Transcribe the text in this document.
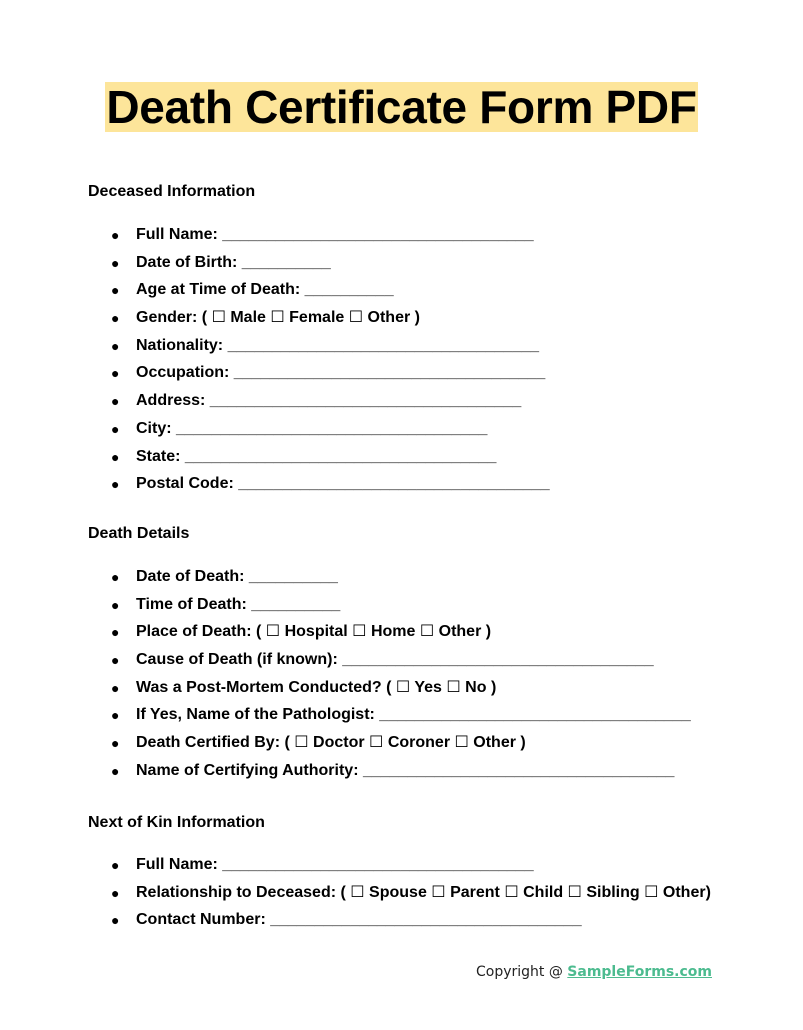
Death Certificate Form PDF
Deceased Information
● Full Name: ___________________________________
● Date of Birth: __________
● Age at Time of Death: __________
● Gender: ( ☐ Male ☐ Female ☐ Other )
● Nationality: ___________________________________
● Occupation: ___________________________________
● Address: ___________________________________
● City: ___________________________________
● State: ___________________________________
● Postal Code: ___________________________________
Death Details
● Date of Death: __________
● Time of Death: __________
● Place of Death: ( ☐ Hospital ☐ Home ☐ Other )
● Cause of Death (if known): ___________________________________
● Was a Post-Mortem Conducted? ( ☐ Yes ☐ No )
● If Yes, Name of the Pathologist: ___________________________________
● Death Certified By: ( ☐ Doctor ☐ Coroner ☐ Other )
● Name of Certifying Authority: ___________________________________
Next of Kin Information
● Full Name: ___________________________________
● Relationship to Deceased: ( ☐ Spouse ☐ Parent ☐ Child ☐ Sibling ☐ Other)
● Contact Number: ___________________________________
Copyright @ SampleForms.com
